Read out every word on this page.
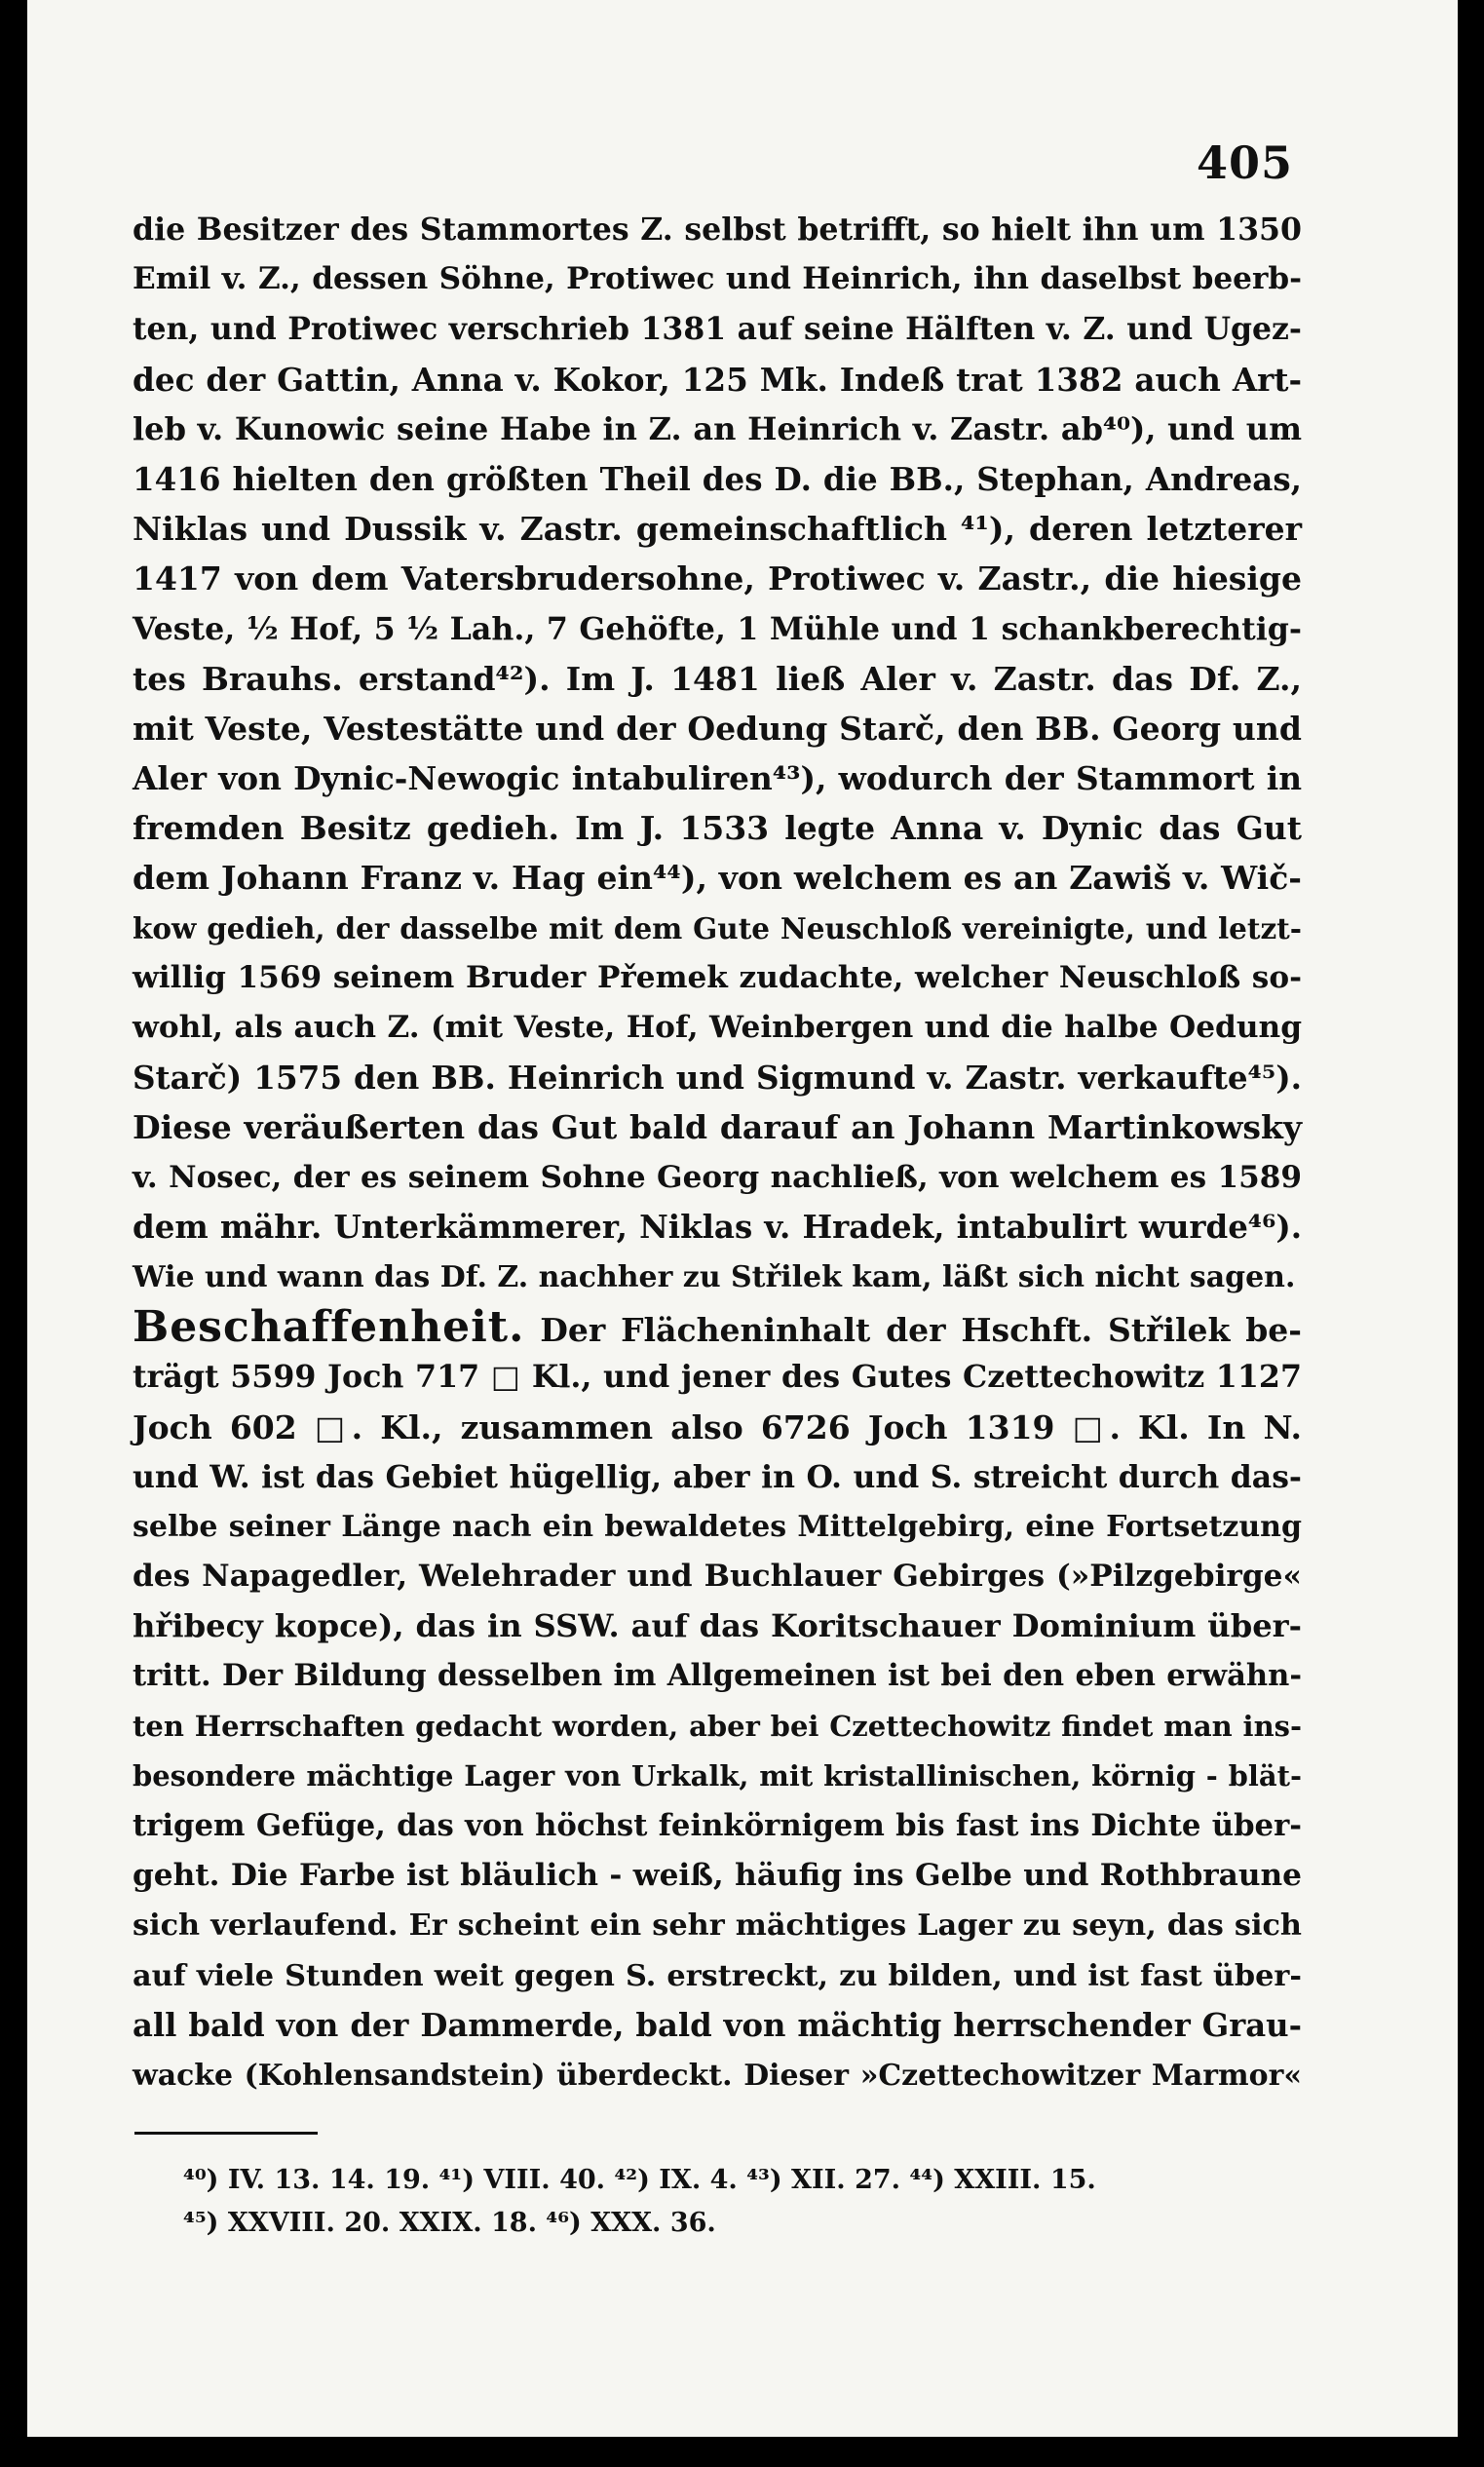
405
die Besitzer des Stammortes Z. selbst betrifft, so hielt ihn um 1350
Emil v. Z., dessen Söhne, Protiwec und Heinrich, ihn daselbst beerb-
ten, und Protiwec verschrieb 1381 auf seine Hälften v. Z. und Ugez-
dec der Gattin, Anna v. Kokor, 125 Mk. Indeß trat 1382 auch Art-
leb v. Kunowic seine Habe in Z. an Heinrich v. Zastr. ab⁴⁰), und um
1416 hielten den größten Theil des D. die BB., Stephan, Andreas,
Niklas und Dussik v. Zastr. gemeinschaftlich ⁴¹), deren letzterer
1417 von dem Vatersbrudersohne, Protiwec v. Zastr., die hiesige
Veste, ½ Hof, 5 ½ Lah., 7 Gehöfte, 1 Mühle und 1 schankberechtig-
tes Brauhs. erstand⁴²). Im J. 1481 ließ Aler v. Zastr. das Df. Z.,
mit Veste, Vestestätte und der Oedung Starč, den BB. Georg und
Aler von Dynic-Newogic intabuliren⁴³), wodurch der Stammort in
fremden Besitz gedieh. Im J. 1533 legte Anna v. Dynic das Gut
dem Johann Franz v. Hag ein⁴⁴), von welchem es an Zawiš v. Wič-
kow gedieh, der dasselbe mit dem Gute Neuschloß vereinigte, und letzt-
willig 1569 seinem Bruder Přemek zudachte, welcher Neuschloß so-
wohl, als auch Z. (mit Veste, Hof, Weinbergen und die halbe Oedung
Starč) 1575 den BB. Heinrich und Sigmund v. Zastr. verkaufte⁴⁵).
Diese veräußerten das Gut bald darauf an Johann Martinkowsky
v. Nosec, der es seinem Sohne Georg nachließ, von welchem es 1589
dem mähr. Unterkämmerer, Niklas v. Hradek, intabulirt wurde⁴⁶).
Wie und wann das Df. Z. nachher zu Střilek kam, läßt sich nicht sagen.
Beschaffenheit. Der Flächeninhalt der Hschft. Střilek be-
trägt 5599 Joch 717 □ Kl., und jener des Gutes Czettechowitz 1127
Joch 602 □. Kl., zusammen also 6726 Joch 1319 □. Kl. In N.
und W. ist das Gebiet hügellig, aber in O. und S. streicht durch das-
selbe seiner Länge nach ein bewaldetes Mittelgebirg, eine Fortsetzung
des Napagedler, Welehrader und Buchlauer Gebirges (»Pilzgebirge«
hřibecy kopce), das in SSW. auf das Koritschauer Dominium über-
tritt. Der Bildung desselben im Allgemeinen ist bei den eben erwähn-
ten Herrschaften gedacht worden, aber bei Czettechowitz findet man ins-
besondere mächtige Lager von Urkalk, mit kristallinischen, körnig - blät-
trigem Gefüge, das von höchst feinkörnigem bis fast ins Dichte über-
geht. Die Farbe ist bläulich - weiß, häufig ins Gelbe und Rothbraune
sich verlaufend. Er scheint ein sehr mächtiges Lager zu seyn, das sich
auf viele Stunden weit gegen S. erstreckt, zu bilden, und ist fast über-
all bald von der Dammerde, bald von mächtig herrschender Grau-
wacke (Kohlensandstein) überdeckt. Dieser »Czettechowitzer Marmor«
⁴⁰) IV. 13. 14. 19. ⁴¹) VIII. 40. ⁴²) IX. 4. ⁴³) XII. 27. ⁴⁴) XXIII. 15.
⁴⁵) XXVIII. 20. XXIX. 18. ⁴⁶) XXX. 36.
